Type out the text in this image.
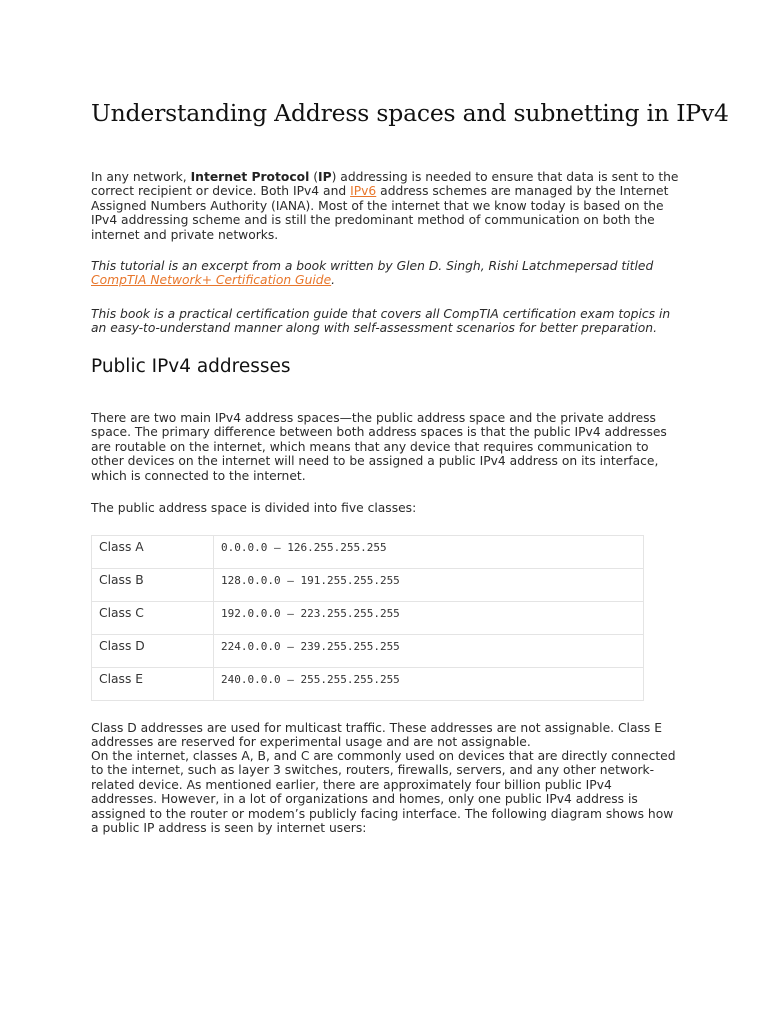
Understanding Address spaces and subnetting in IPv4

In any network, Internet Protocol (IP) addressing is needed to ensure that data is sent to the correct recipient or device. Both IPv4 and IPv6 address schemes are managed by the Internet Assigned Numbers Authority (IANA). Most of the internet that we know today is based on the IPv4 addressing scheme and is still the predominant method of communication on both the internet and private networks.

This tutorial is an excerpt from a book written by Glen D. Singh, Rishi Latchmepersad titled CompTIA Network+ Certification Guide.

This book is a practical certification guide that covers all CompTIA certification exam topics in an easy-to-understand manner along with self-assessment scenarios for better preparation.

Public IPv4 addresses

There are two main IPv4 address spaces—the public address space and the private address space. The primary difference between both address spaces is that the public IPv4 addresses are routable on the internet, which means that any device that requires communication to other devices on the internet will need to be assigned a public IPv4 address on its interface, which is connected to the internet.

The public address space is divided into five classes:

Class A	0.0.0.0 – 126.255.255.255
Class B	128.0.0.0 – 191.255.255.255
Class C	192.0.0.0 – 223.255.255.255
Class D	224.0.0.0 – 239.255.255.255
Class E	240.0.0.0 – 255.255.255.255

Class D addresses are used for multicast traffic. These addresses are not assignable. Class E addresses are reserved for experimental usage and are not assignable.

On the internet, classes A, B, and C are commonly used on devices that are directly connected to the internet, such as layer 3 switches, routers, firewalls, servers, and any other network-related device. As mentioned earlier, there are approximately four billion public IPv4 addresses. However, in a lot of organizations and homes, only one public IPv4 address is assigned to the router or modem’s publicly facing interface. The following diagram shows how a public IP address is seen by internet users:
